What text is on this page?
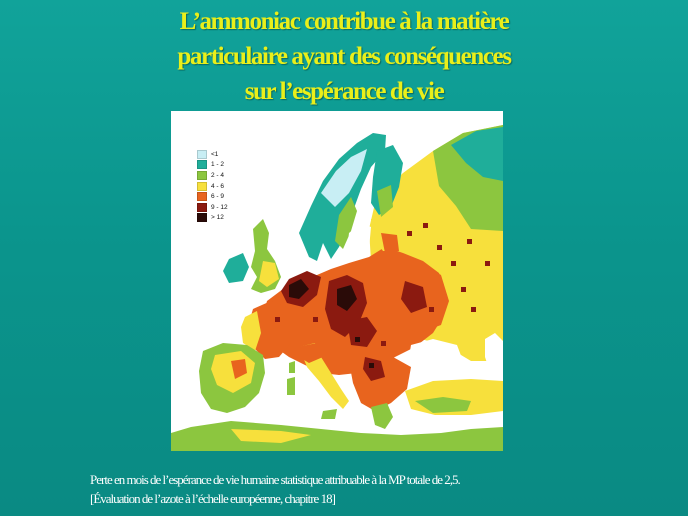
L’ammoniac contribue à la matière
particulaire ayant des conséquences
sur l’espérance de vie
<1
1 - 2
2 - 4
4 - 6
6 - 9
9 - 12
> 12
Perte en mois de l’espérance de vie humaine statistique attribuable à la MP totale de 2,5.
[Évaluation de l’azote à l’échelle européenne, chapitre 18]
